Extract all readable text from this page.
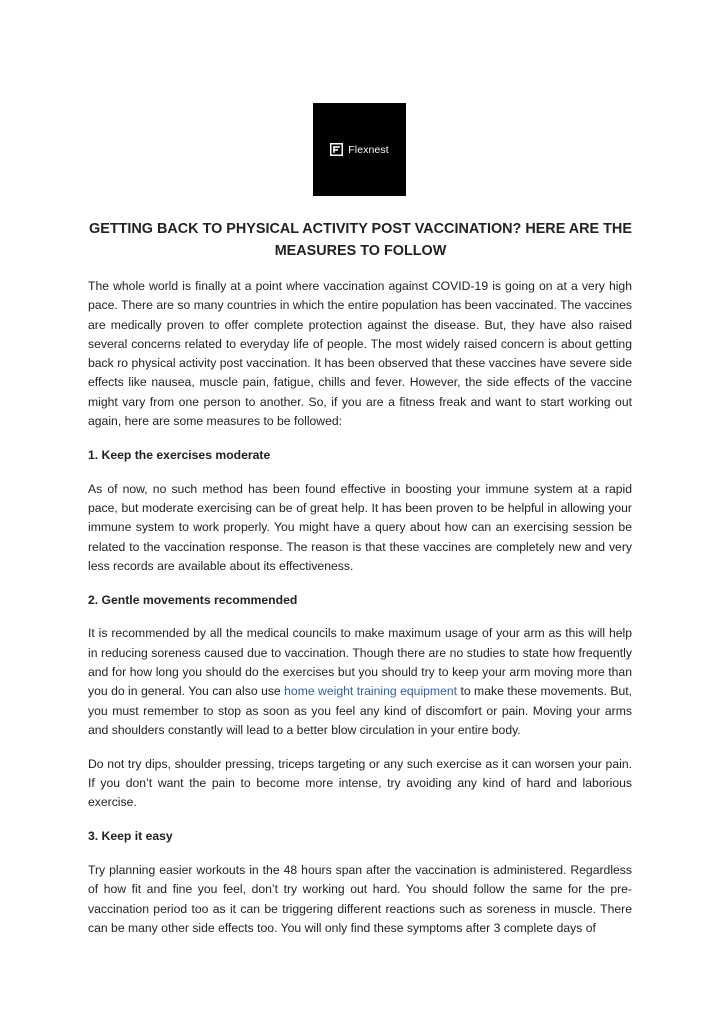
Flexnest
GETTING BACK TO PHYSICAL ACTIVITY POST VACCINATION? HERE ARE THE
MEASURES TO FOLLOW

The whole world is finally at a point where vaccination against COVID-19 is going on at a very high pace. There are so many countries in which the entire population has been vaccinated. The vaccines are medically proven to offer complete protection against the disease. But, they have also raised several concerns related to everyday life of people. The most widely raised concern is about getting back ro physical activity post vaccination. It has been observed that these vaccines have severe side effects like nausea, muscle pain, fatigue, chills and fever. However, the side effects of the vaccine might vary from one person to another. So, if you are a fitness freak and want to start working out again, here are some measures to be followed:

1. Keep the exercises moderate

As of now, no such method has been found effective in boosting your immune system at a rapid pace, but moderate exercising can be of great help. It has been proven to be helpful in allowing your immune system to work properly. You might have a query about how can an exercising session be related to the vaccination response. The reason is that these vaccines are completely new and very less records are available about its effectiveness.

2. Gentle movements recommended

It is recommended by all the medical councils to make maximum usage of your arm as this will help in reducing soreness caused due to vaccination. Though there are no studies to state how frequently and for how long you should do the exercises but you should try to keep your arm moving more than you do in general. You can also use home weight training equipment to make these movements. But, you must remember to stop as soon as you feel any kind of discomfort or pain. Moving your arms and shoulders constantly will lead to a better blow circulation in your entire body.

Do not try dips, shoulder pressing, triceps targeting or any such exercise as it can worsen your pain. If you don’t want the pain to become more intense, try avoiding any kind of hard and laborious exercise.

3. Keep it easy

Try planning easier workouts in the 48 hours span after the vaccination is administered. Regardless of how fit and fine you feel, don’t try working out hard. You should follow the same for the pre-vaccination period too as it can be triggering different reactions such as soreness in muscle. There can be many other side effects too. You will only find these symptoms after 3 complete days of
